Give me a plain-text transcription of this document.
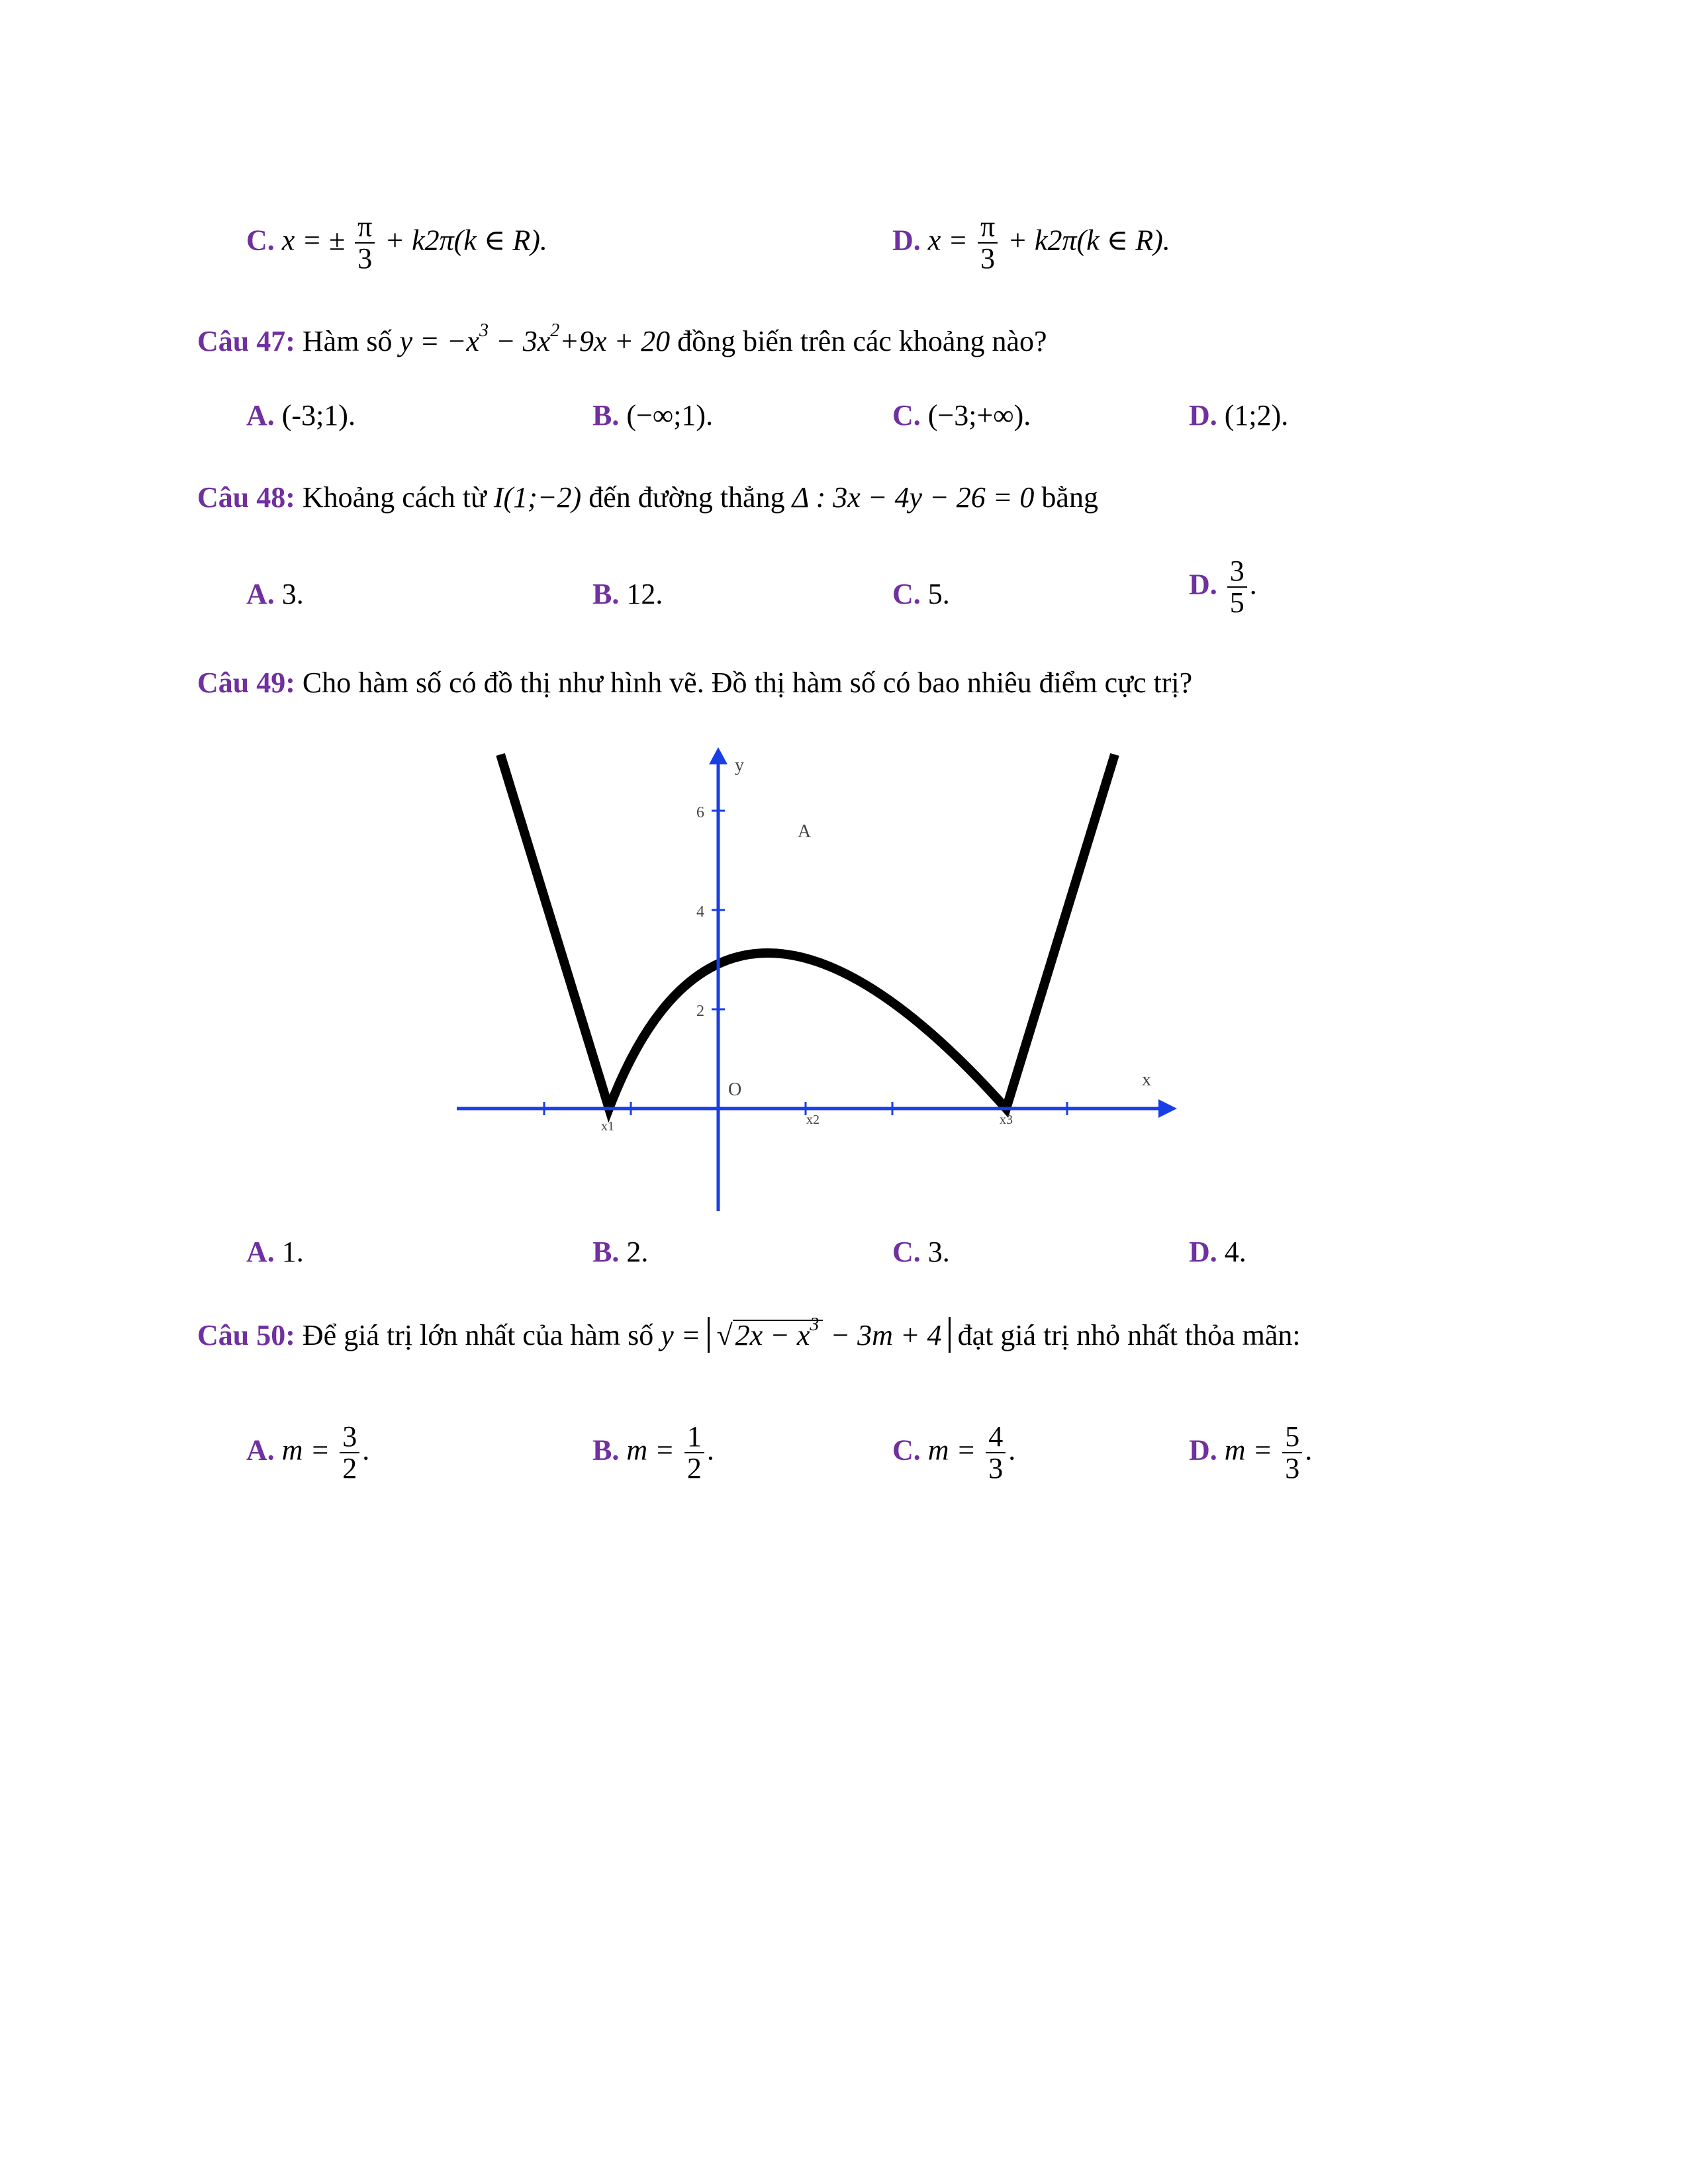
C. x = ± $\frac{\pi}{3} + k2\pi(k$ ∈ R).	D. $x = \frac{\pi}{3} + k2\pi(k$ ∈ R).
Câu 47: Hàm số $y = -x^3 - 3x^2+9x + 20$ đồng biến trên các khoảng nào?
A. (-3;1).	B. (−∞;1).	C. (−3;+∞).	D. (1;2).
Câu 48: Khoảng cách từ I(1;−2) đến đường thẳng Δ : 3x − 4y − 26 = 0 bằng
A. 3.	B. 12.	C. 5.	D. $\frac{3}{5}$ .
Câu 49: Cho hàm số có đồ thị như hình vẽ. Đồ thị hàm số có bao nhiêu điểm cực trị?
y
x
O
A
6
4
2
x1	x2	x3
A. 1.	B. 2.	C. 3.	D. 4.
Câu 50: Để giá trị lớn nhất của hàm số $y = √2x - x^3 - 3m + 4$ đạt giá trị nhỏ nhất thỏa mãn:
A. $m = \frac{3}{2}$ .	B. $m = \frac{1}{2}$ .	C. $m = \frac{4}{3}$ .	D. $m = \frac{5}{3}$ .
